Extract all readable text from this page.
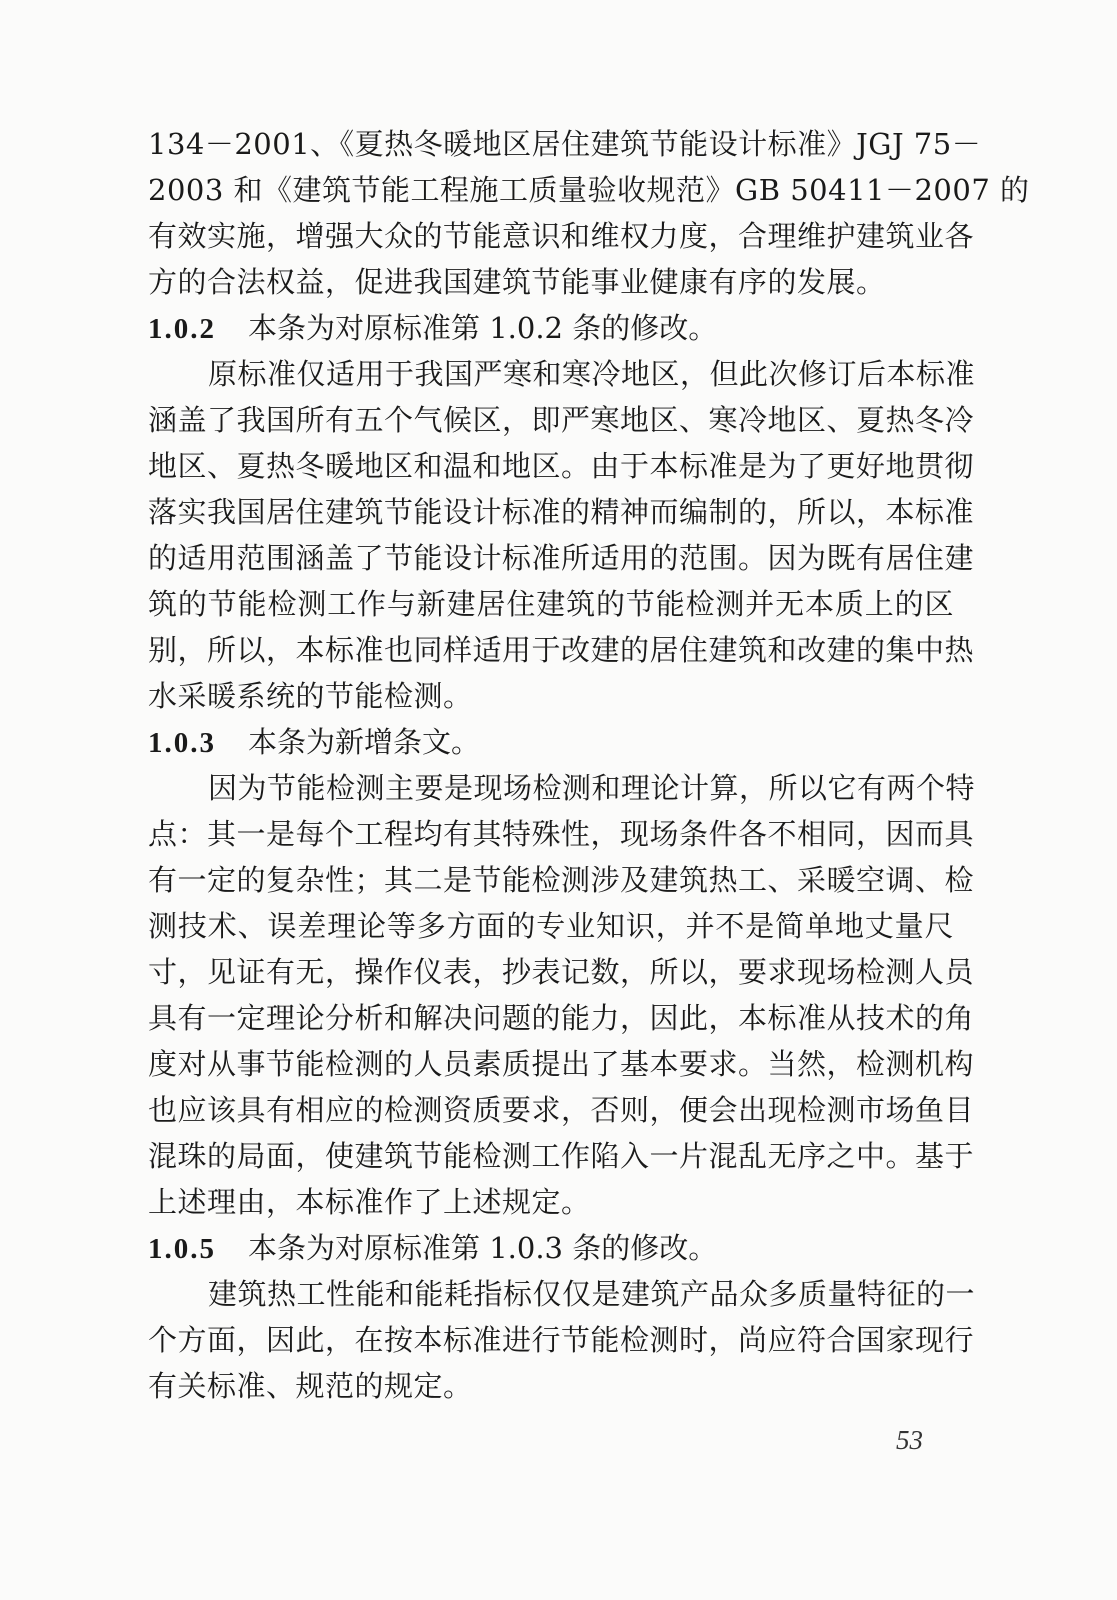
134－2001、《夏热冬暖地区居住建筑节能设计标准》JGJ 75－
2003 和《建筑节能工程施工质量验收规范》GB 50411－2007 的
有效实施，增强大众的节能意识和维权力度，合理维护建筑业各
方的合法权益，促进我国建筑节能事业健康有序的发展。
1.0.2 本条为对原标准第 1.0.2 条的修改。
原标准仅适用于我国严寒和寒冷地区，但此次修订后本标准
涵盖了我国所有五个气候区，即严寒地区、寒冷地区、夏热冬冷
地区、夏热冬暖地区和温和地区。由于本标准是为了更好地贯彻
落实我国居住建筑节能设计标准的精神而编制的，所以，本标准
的适用范围涵盖了节能设计标准所适用的范围。因为既有居住建
筑的节能检测工作与新建居住建筑的节能检测并无本质上的区
别，所以，本标准也同样适用于改建的居住建筑和改建的集中热
水采暖系统的节能检测。
1.0.3 本条为新增条文。
因为节能检测主要是现场检测和理论计算，所以它有两个特
点：其一是每个工程均有其特殊性，现场条件各不相同，因而具
有一定的复杂性；其二是节能检测涉及建筑热工、采暖空调、检
测技术、误差理论等多方面的专业知识，并不是简单地丈量尺
寸，见证有无，操作仪表，抄表记数，所以，要求现场检测人员
具有一定理论分析和解决问题的能力，因此，本标准从技术的角
度对从事节能检测的人员素质提出了基本要求。当然，检测机构
也应该具有相应的检测资质要求，否则，便会出现检测市场鱼目
混珠的局面，使建筑节能检测工作陷入一片混乱无序之中。基于
上述理由，本标准作了上述规定。
1.0.5 本条为对原标准第 1.0.3 条的修改。
建筑热工性能和能耗指标仅仅是建筑产品众多质量特征的一
个方面，因此，在按本标准进行节能检测时，尚应符合国家现行
有关标准、规范的规定。
53
